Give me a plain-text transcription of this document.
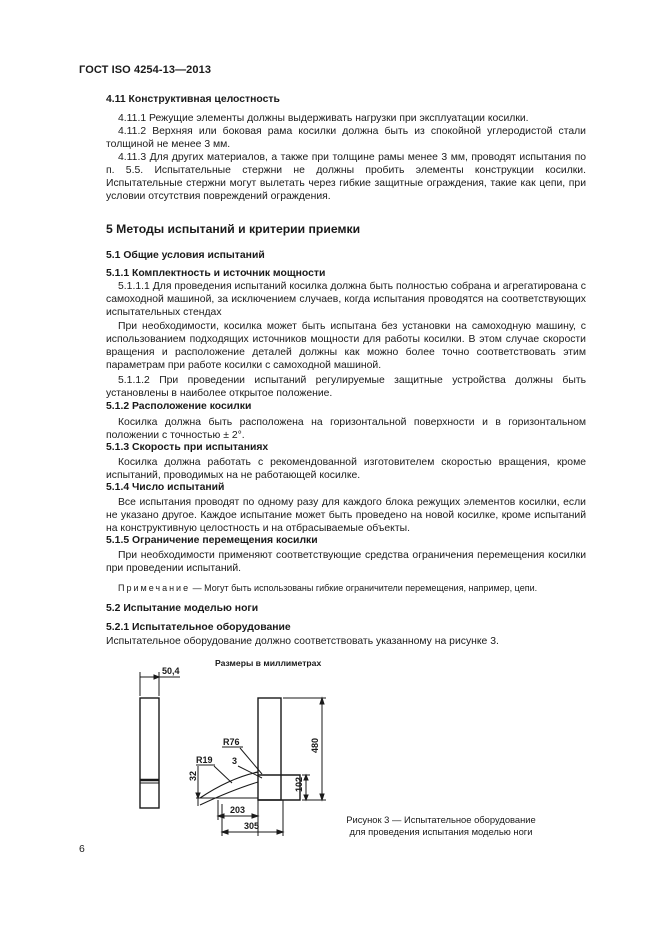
ГОСТ ISO 4254-13—2013
4.11 Конструктивная целостность
4.11.1 Режущие элементы должны выдерживать нагрузки при эксплуатации косилки.
4.11.2 Верхняя или боковая рама косилки должна быть из спокойной углеродистой стали толщиной не менее 3 мм.
4.11.3 Для других материалов, а также при толщине рамы менее 3 мм, проводят испытания по п. 5.5. Испытательные стержни не должны пробить элементы конструкции косилки. Испытательные стержни могут вылетать через гибкие защитные ограждения, такие как цепи, при условии отсутствия повреждений ограждения.
5 Методы испытаний и критерии приемки
5.1 Общие условия испытаний
5.1.1 Комплектность и источник мощности
5.1.1.1 Для проведения испытаний косилка должна быть полностью собрана и агрегатирована с самоходной машиной, за исключением случаев, когда испытания проводятся на соответствующих испытательных стендах
При необходимости, косилка может быть испытана без установки на самоходную машину, с использованием подходящих источников мощности для работы косилки. В этом случае скорости вращения и расположение деталей должны как можно более точно соответствовать этим параметрам при работе косилки с самоходной машиной.
5.1.1.2 При проведении испытаний регулируемые защитные устройства должны быть установлены в наиболее открытое положение.
5.1.2 Расположение косилки
Косилка должна быть расположена на горизонтальной поверхности и в горизонтальном положении с точностью ± 2°.
5.1.3 Скорость при испытаниях
Косилка должна работать с рекомендованной изготовителем скоростью вращения, кроме испытаний, проводимых на не работающей косилке.
5.1.4 Число испытаний
Все испытания проводят по одному разу для каждого блока режущих элементов косилки, если не указано другое. Каждое испытание может быть проведено на новой косилке, кроме испытаний на конструктивную целостность и на отбрасываемые объекты.
5.1.5 Ограничение перемещения косилки
При необходимости применяют соответствующие средства ограничения перемещения косилки при проведении испытаний.
Примечание — Могут быть использованы гибкие ограничители перемещения, например, цепи.
5.2 Испытание моделью ноги
5.2.1 Испытательное оборудование
Испытательное оборудование должно соответствовать указанному на рисунке 3.
Размеры в миллиметрах
50,4
480
102
32
R19
R76
3
203
305
Рисунок 3 — Испытательное оборудование
для проведения испытания моделью ноги
6
